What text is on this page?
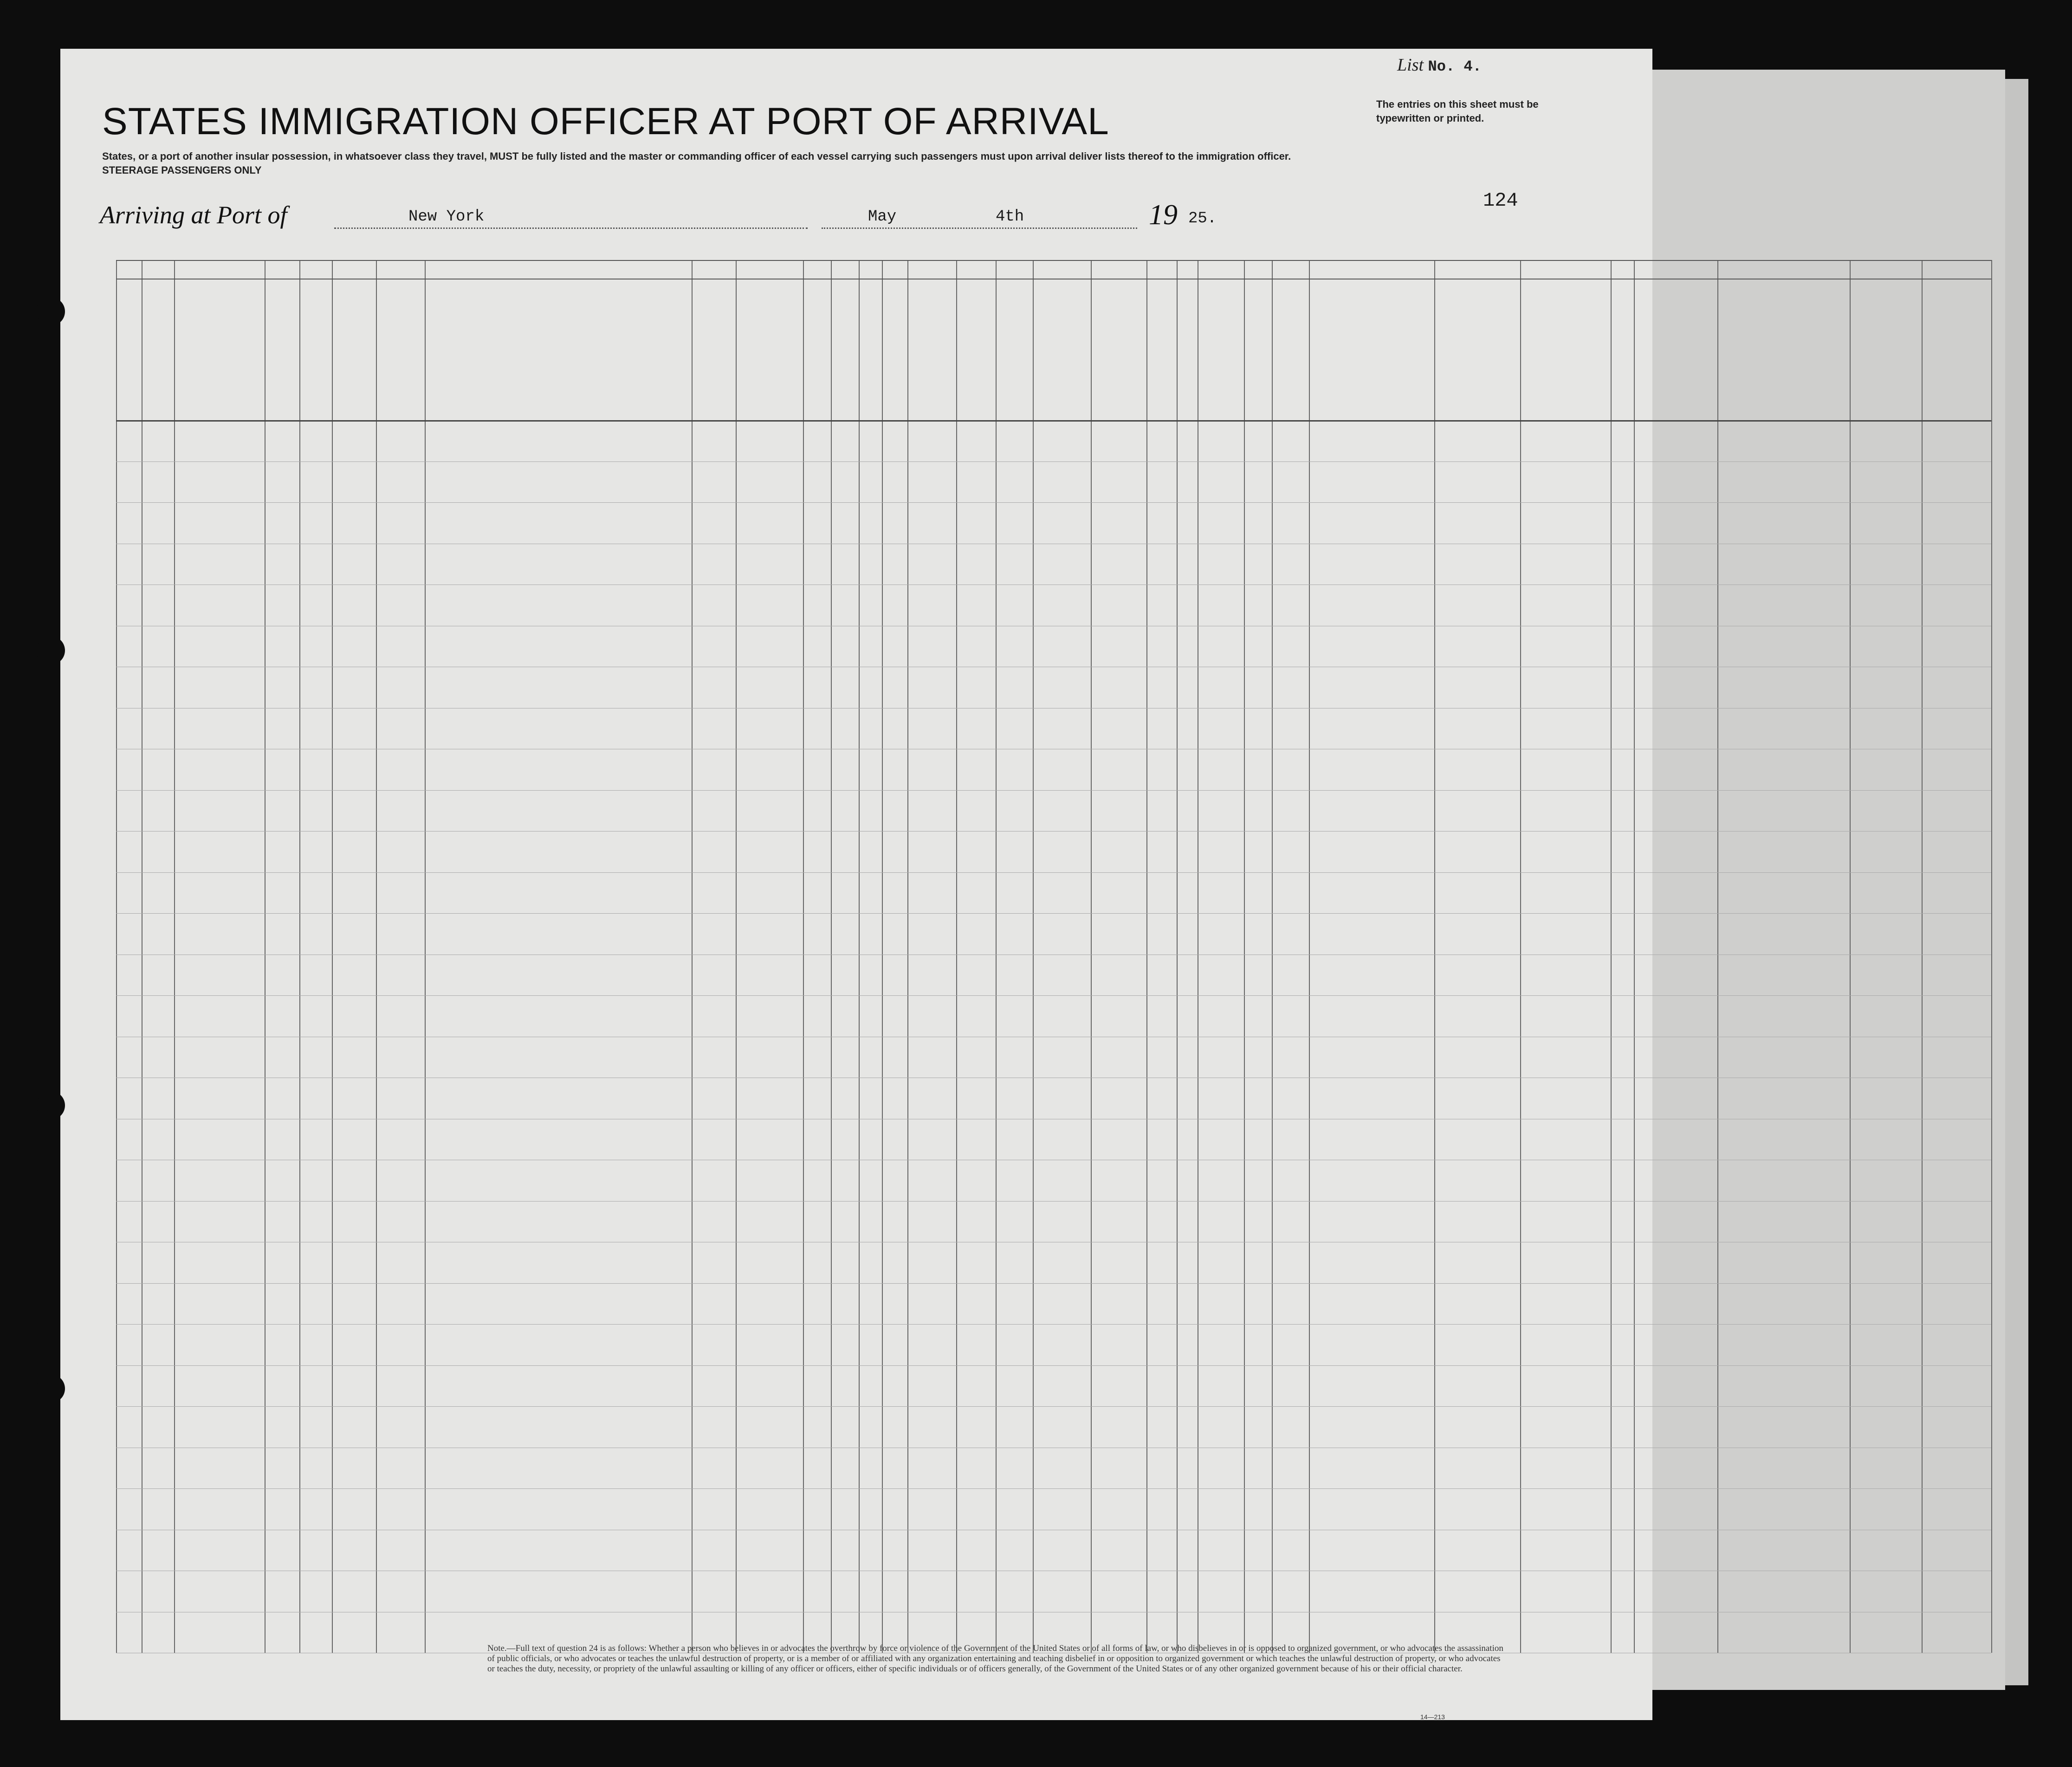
List No. 4.
STATES IMMIGRATION OFFICER AT PORT OF ARRIVAL	The entries on this sheet must be typewritten or printed.
States, or a port of another insular possession, in whatsoever class they travel, MUST be fully listed and the master or commanding officer of each vessel carrying such passengers must upon arrival deliver lists thereof to the immigration officer.
STEERAGE PASSENGERS ONLY
Arriving at Port of	New York	May	4th	19 25.
124
Note.—Full text of question 24 is as follows: Whether a person who believes in or advocates the overthrow by force or violence of the Government of the United States or of all forms of law, or who disbelieves in or is opposed to organized government, or who advocates the assassination of public officials, or who advocates or teaches the unlawful destruction of property, or is a member of or affiliated with any organization entertaining and teaching disbelief in or opposition to organized government or which teaches the unlawful destruction of property, or who advocates or teaches the duty, necessity, or propriety of the unlawful assaulting or killing of any officer or officers, either of specific individuals or of officers generally, of the Government of the United States or of any other organized government because of his or their official character.
14—213
